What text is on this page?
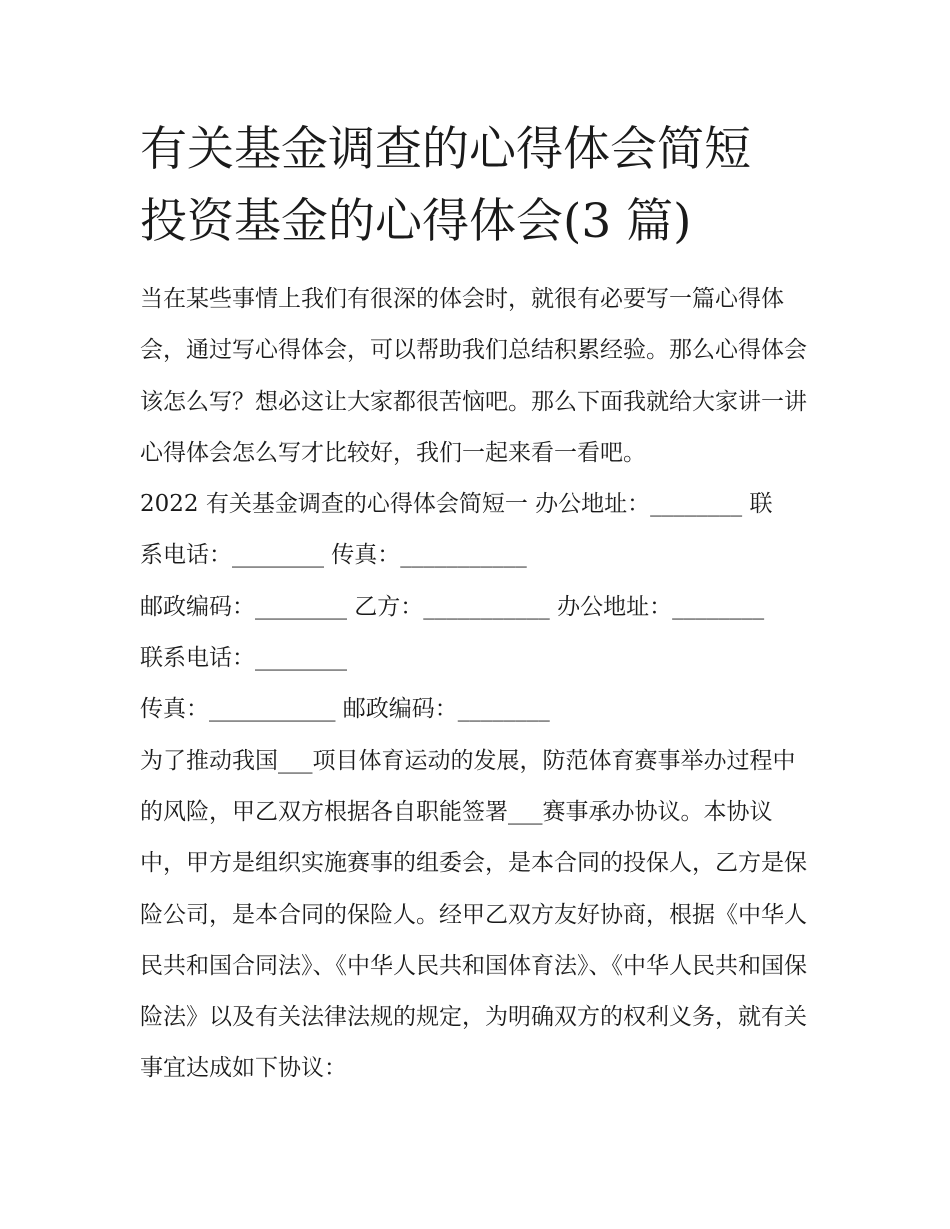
有关基金调查的心得体会简短
投资基金的心得体会(3 篇)

当在某些事情上我们有很深的体会时，就很有必要写一篇心得体会，通过写心得体会，可以帮助我们总结积累经验。那么心得体会该怎么写？想必这让大家都很苦恼吧。那么下面我就给大家讲一讲心得体会怎么写才比较好，我们一起来看一看吧。

2022 有关基金调查的心得体会简短一 办公地址：________ 联
系电话：________ 传真：___________
邮政编码：________ 乙方：___________ 办公地址：________
联系电话：________
传真：___________ 邮政编码：________

为了推动我国___项目体育运动的发展，防范体育赛事举办过程中的风险，甲乙双方根据各自职能签署___赛事承办协议。本协议中，甲方是组织实施赛事的组委会，是本合同的投保人，乙方是保险公司，是本合同的保险人。经甲乙双方友好协商，根据《中华人民共和国合同法》、《中华人民共和国体育法》、《中华人民共和国保险法》以及有关法律法规的规定，为明确双方的权利义务，就有关事宜达成如下协议：
